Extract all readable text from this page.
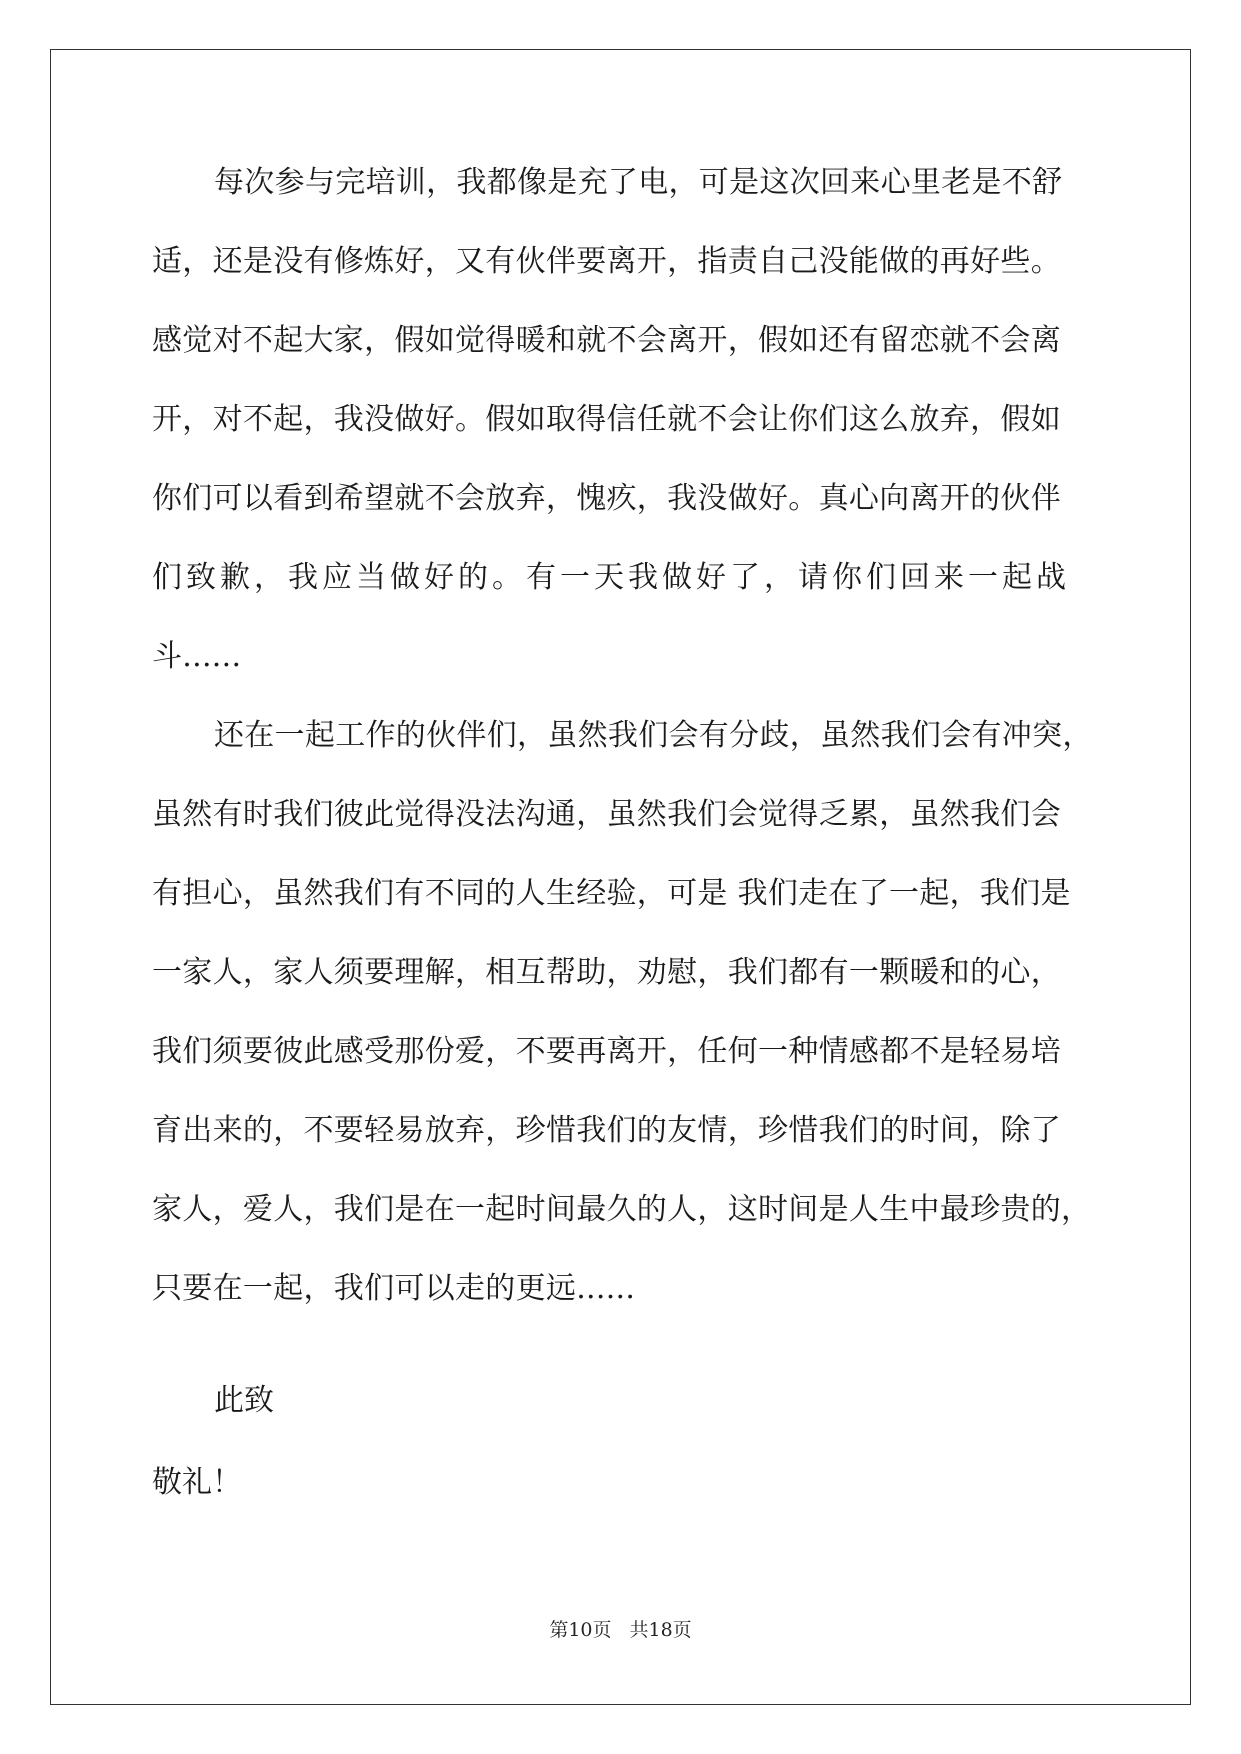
每次参与完培训，我都像是充了电，可是这次回来心里老是不舒
适，还是没有修炼好，又有伙伴要离开，指责自己没能做的再好些。
感觉对不起大家，假如觉得暖和就不会离开，假如还有留恋就不会离
开，对不起，我没做好。假如取得信任就不会让你们这么放弃，假如
你们可以看到希望就不会放弃，愧疚，我没做好。真心向离开的伙伴
们致歉，我应当做好的。有一天我做好了，请你们回来一起战
斗......
还在一起工作的伙伴们，虽然我们会有分歧，虽然我们会有冲突，
虽然有时我们彼此觉得没法沟通，虽然我们会觉得乏累，虽然我们会
有担心，虽然我们有不同的人生经验，可是 我们走在了一起，我们是
一家人，家人须要理解，相互帮助，劝慰，我们都有一颗暖和的心，
我们须要彼此感受那份爱，不要再离开，任何一种情感都不是轻易培
育出来的，不要轻易放弃，珍惜我们的友情，珍惜我们的时间，除了
家人，爱人，我们是在一起时间最久的人，这时间是人生中最珍贵的，
只要在一起，我们可以走的更远......
此致
敬礼！
第10页 共18页
